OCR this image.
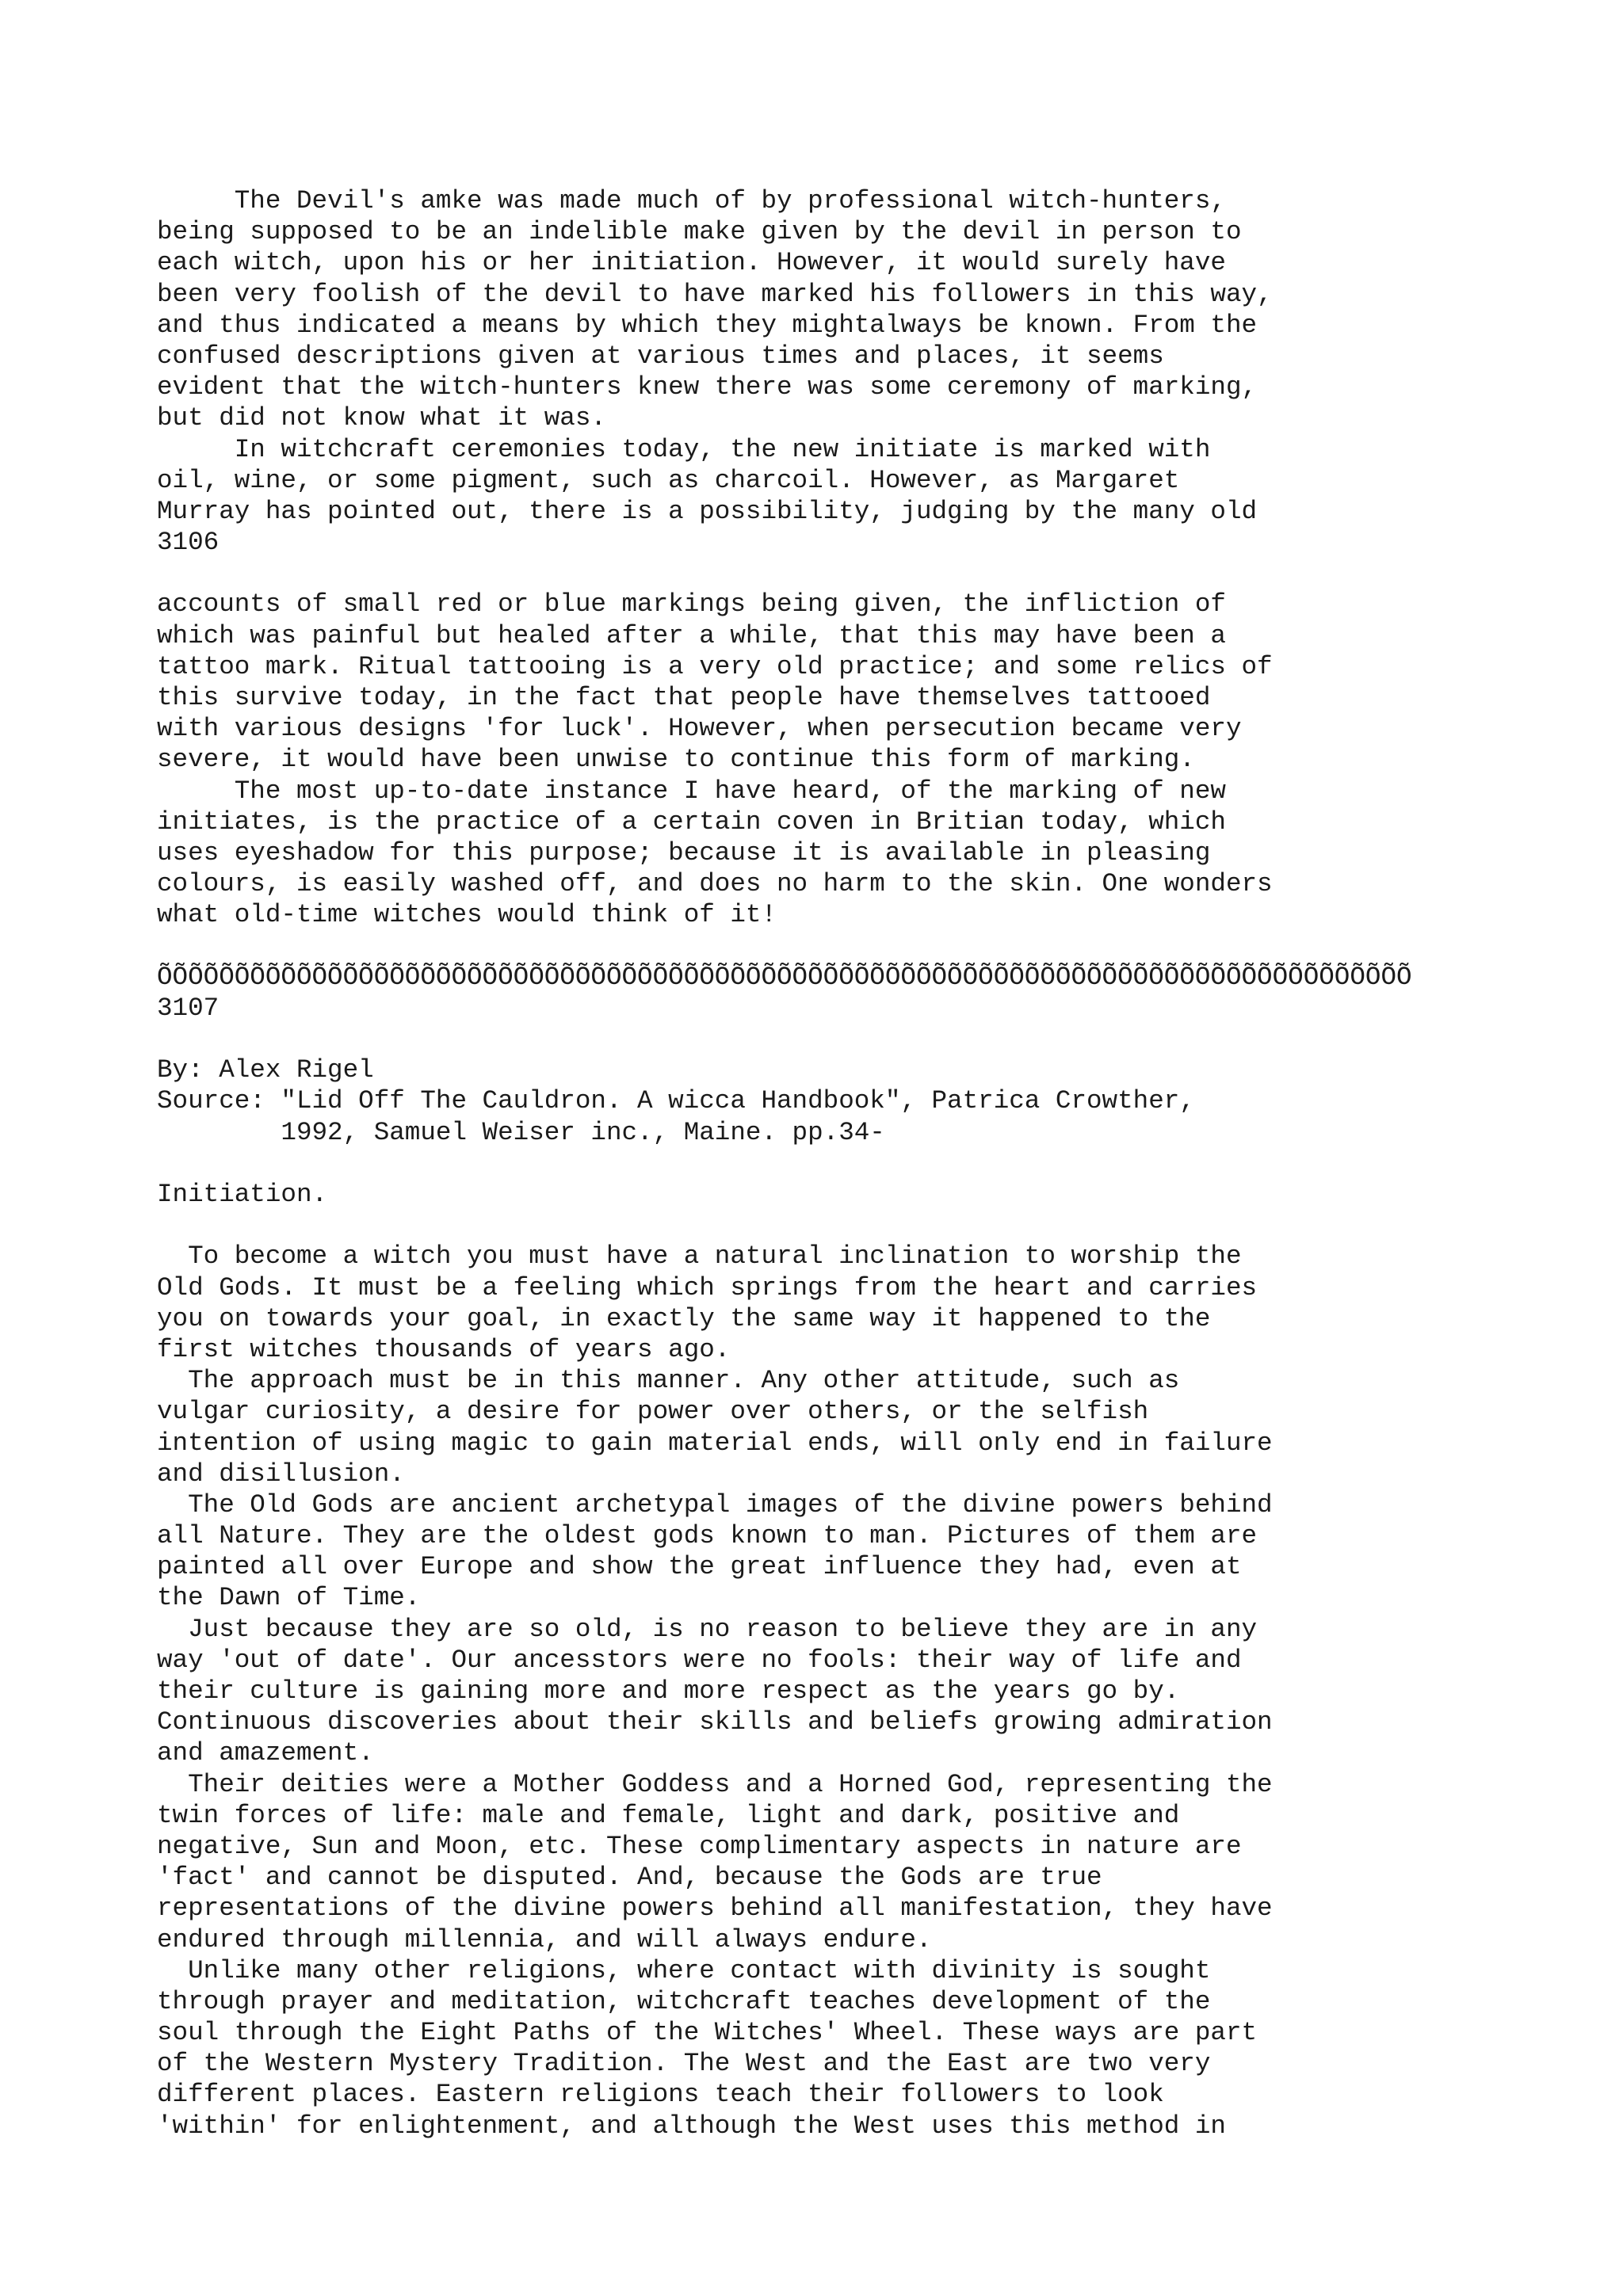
The Devil's amke was made much of by professional witch-hunters,
being supposed to be an indelible make given by the devil in person to
each witch, upon his or her initiation. However, it would surely have
been very foolish of the devil to have marked his followers in this way,
and thus indicated a means by which they mightalways be known. From the
confused descriptions given at various times and places, it seems
evident that the witch-hunters knew there was some ceremony of marking,
but did not know what it was.
In witchcraft ceremonies today, the new initiate is marked with
oil, wine, or some pigment, such as charcoil. However, as Margaret
Murray has pointed out, there is a possibility, judging by the many old
3106
accounts of small red or blue markings being given, the infliction of
which was painful but healed after a while, that this may have been a
tattoo mark. Ritual tattooing is a very old practice; and some relics of
this survive today, in the fact that people have themselves tattooed
with various designs 'for luck'. However, when persecution became very
severe, it would have been unwise to continue this form of marking.
The most up-to-date instance I have heard, of the marking of new
initiates, is the practice of a certain coven in Britian today, which
uses eyeshadow for this purpose; because it is available in pleasing
colours, is easily washed off, and does no harm to the skin. One wonders
what old-time witches would think of it!
ÕÕÕÕÕÕÕÕÕÕÕÕÕÕÕÕÕÕÕÕÕÕÕÕÕÕÕÕÕÕÕÕÕÕÕÕÕÕÕÕÕÕÕÕÕÕÕÕÕÕÕÕÕÕÕÕÕÕÕÕÕÕÕÕÕÕÕÕÕÕÕÕÕÕÕÕÕÕÕÕÕ
3107
By: Alex Rigel
Source: "Lid Off The Cauldron. A wicca Handbook", Patrica Crowther,
1992, Samuel Weiser inc., Maine. pp.34-
Initiation.
To become a witch you must have a natural inclination to worship the
Old Gods. It must be a feeling which springs from the heart and carries
you on towards your goal, in exactly the same way it happened to the
first witches thousands of years ago.
The approach must be in this manner. Any other attitude, such as
vulgar curiosity, a desire for power over others, or the selfish
intention of using magic to gain material ends, will only end in failure
and disillusion.
The Old Gods are ancient archetypal images of the divine powers behind
all Nature. They are the oldest gods known to man. Pictures of them are
painted all over Europe and show the great influence they had, even at
the Dawn of Time.
Just because they are so old, is no reason to believe they are in any
way 'out of date'. Our ancesstors were no fools: their way of life and
their culture is gaining more and more respect as the years go by.
Continuous discoveries about their skills and beliefs growing admiration
and amazement.
Their deities were a Mother Goddess and a Horned God, representing the
twin forces of life: male and female, light and dark, positive and
negative, Sun and Moon, etc. These complimentary aspects in nature are
'fact' and cannot be disputed. And, because the Gods are true
representations of the divine powers behind all manifestation, they have
endured through millennia, and will always endure.
Unlike many other religions, where contact with divinity is sought
through prayer and meditation, witchcraft teaches development of the
soul through the Eight Paths of the Witches' Wheel. These ways are part
of the Western Mystery Tradition. The West and the East are two very
different places. Eastern religions teach their followers to look
'within' for enlightenment, and although the West uses this method in
